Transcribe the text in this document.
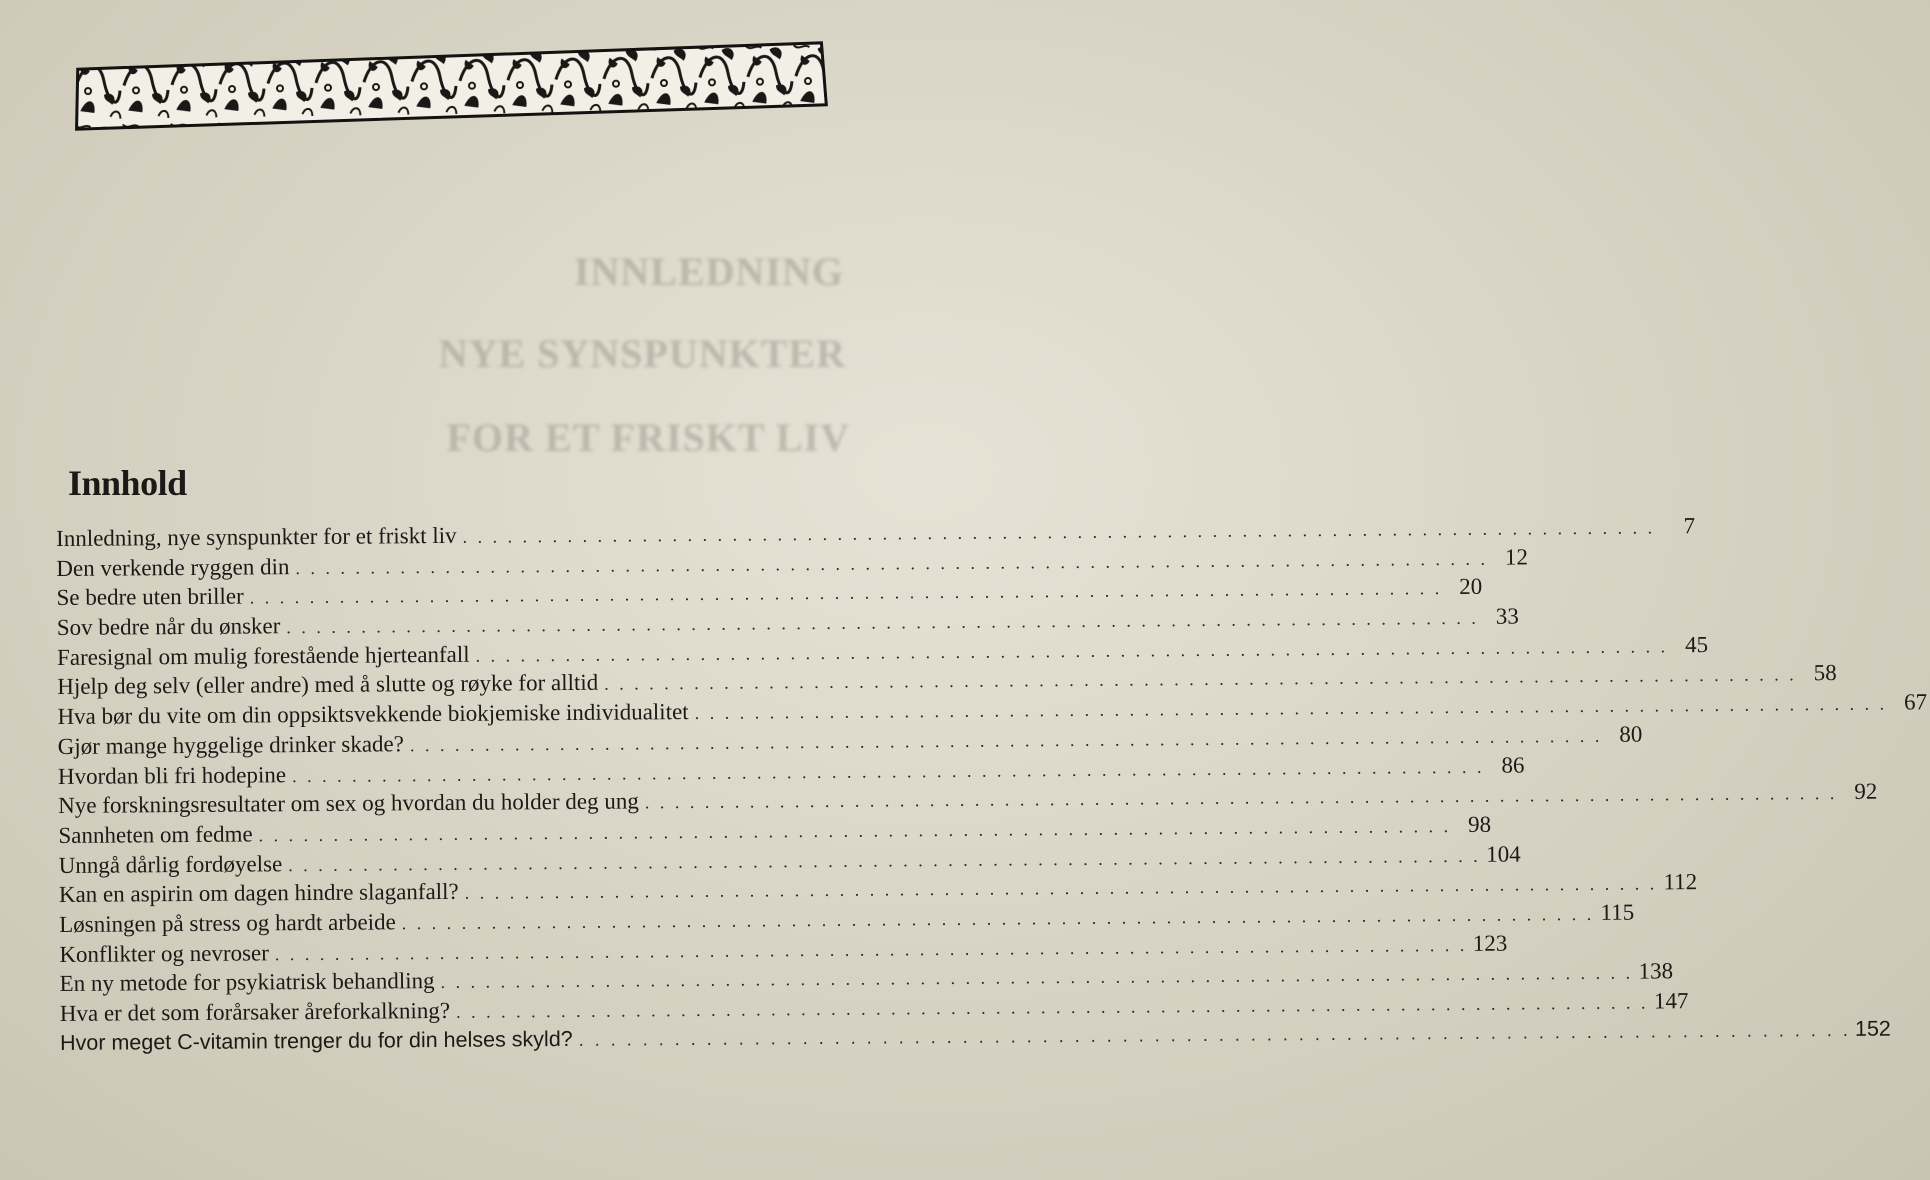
INNLEDNING
NYE SYNSPUNKTER
FOR ET FRISKT LIV
Innhold
Innledning, nye synspunkter for et friskt liv . . . . . . . . . . . . . . . . . . . . . . . . . . . . . . . . . . . . . . . . . . . . . . . . . . . . . . . . . . . . . . . . . . . . . . . . . . . . . . . .	7
Den verkende ryggen din . . . . . . . . . . . . . . . . . . . . . . . . . . . . . . . . . . . . . . . . . . . . . . . . . . . . . . . . . . . . . . . . . . . . . . . . . . . . . . . . 12
Se bedre uten briller . . . . . . . . . . . . . . . . . . . . . . . . . . . . . . . . . . . . . . . . . . . . . . . . . . . . . . . . . . . . . . . . . . . . . . . . . . . . . . . . 20
Sov bedre når du ønsker . . . . . . . . . . . . . . . . . . . . . . . . . . . . . . . . . . . . . . . . . . . . . . . . . . . . . . . . . . . . . . . . . . . . . . . . . . . . . . . . 33
Faresignal om mulig forestående hjerteanfall . . . . . . . . . . . . . . . . . . . . . . . . . . . . . . . . . . . . . . . . . . . . . . . . . . . . . . . . . . . . . . . . . . . . . . . . . . . . . . . . 45
Hjelp deg selv (eller andre) med å slutte og røyke for alltid . . . . . . . . . . . . . . . . . . . . . . . . . . . . . . . . . . . . . . . . . . . . . . . . . . . . . . . . . . . . . . . . . . . . . . . . . . . . . . . . 58
Hva bør du vite om din oppsiktsvekkende biokjemiske individualitet . . . . . . . . . . . . . . . . . . . . . . . . . . . . . . . . . . . . . . . . . . . . . . . . . . . . . . . . . . . . . . . . . . . . . . . . . . . . . . . . 67
Gjør mange hyggelige drinker skade? . . . . . . . . . . . . . . . . . . . . . . . . . . . . . . . . . . . . . . . . . . . . . . . . . . . . . . . . . . . . . . . . . . . . . . . . . . . . . . . . 80
Hvordan bli fri hodepine . . . . . . . . . . . . . . . . . . . . . . . . . . . . . . . . . . . . . . . . . . . . . . . . . . . . . . . . . . . . . . . . . . . . . . . . . . . . . . . . 86
Nye forskningsresultater om sex og hvordan du holder deg ung . . . . . . . . . . . . . . . . . . . . . . . . . . . . . . . . . . . . . . . . . . . . . . . . . . . . . . . . . . . . . . . . . . . . . . . . . . . . . . . . 92
Sannheten om fedme . . . . . . . . . . . . . . . . . . . . . . . . . . . . . . . . . . . . . . . . . . . . . . . . . . . . . . . . . . . . . . . . . . . . . . . . . . . . . . . . 98
Unngå dårlig fordøyelse . . . . . . . . . . . . . . . . . . . . . . . . . . . . . . . . . . . . . . . . . . . . . . . . . . . . . . . . . . . . . . . . . . . . . . . . . . . . . . . . 104
Kan en aspirin om dagen hindre slaganfall? . . . . . . . . . . . . . . . . . . . . . . . . . . . . . . . . . . . . . . . . . . . . . . . . . . . . . . . . . . . . . . . . . . . . . . . . . . . . . . . . 112
Løsningen på stress og hardt arbeide . . . . . . . . . . . . . . . . . . . . . . . . . . . . . . . . . . . . . . . . . . . . . . . . . . . . . . . . . . . . . . . . . . . . . . . . . . . . . . . . 115
Konflikter og nevroser . . . . . . . . . . . . . . . . . . . . . . . . . . . . . . . . . . . . . . . . . . . . . . . . . . . . . . . . . . . . . . . . . . . . . . . . . . . . . . . . 123
En ny metode for psykiatrisk behandling . . . . . . . . . . . . . . . . . . . . . . . . . . . . . . . . . . . . . . . . . . . . . . . . . . . . . . . . . . . . . . . . . . . . . . . . . . . . . . . . 138
Hva er det som forårsaker åreforkalkning? . . . . . . . . . . . . . . . . . . . . . . . . . . . . . . . . . . . . . . . . . . . . . . . . . . . . . . . . . . . . . . . . . . . . . . . . . . . . . . . . 147
Hvor meget C-vitamin trenger du for din helses skyld? . . . . . . . . . . . . . . . . . . . . . . . . . . . . . . . . . . . . . . . . . . . . . . . . . . . . . . . . . . . . . . . . . . . . . . . . . . . . . . . . 152
